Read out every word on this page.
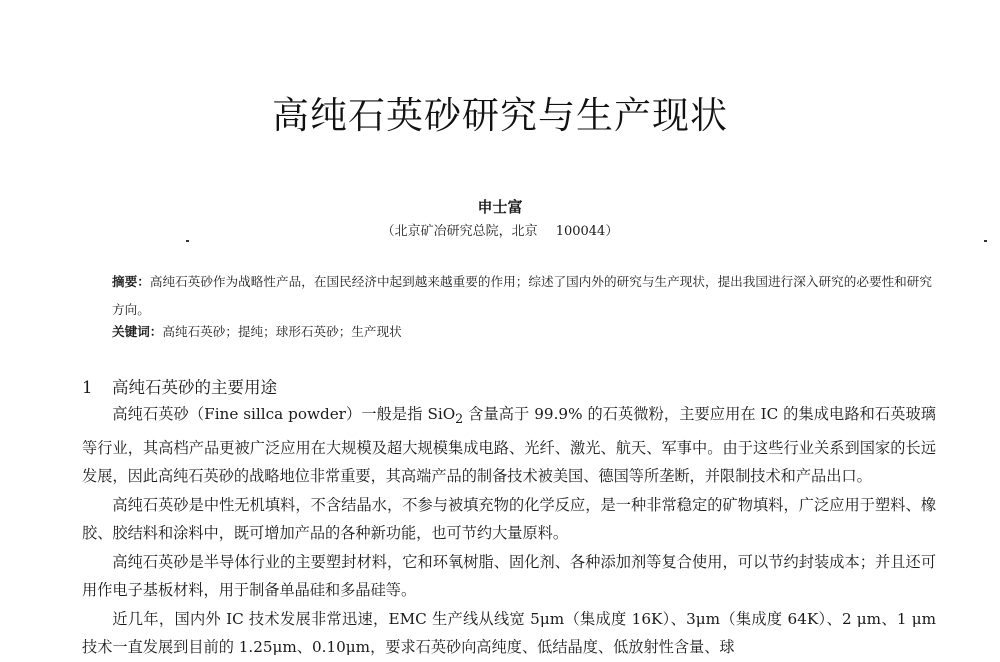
高纯石英砂研究与生产现状
申士富
（北京矿冶研究总院，北京 100044）
摘要：高纯石英砂作为战略性产品，在国民经济中起到越来越重要的作用；综述了国内外的研究与生产现状，提出我国进行深入研究的必要性和研究方向。
关键词：高纯石英砂；提纯；球形石英砂；生产现状
1 高纯石英砂的主要用途

高纯石英砂（Fine sillca powder）一般是指 SiO$_2$ 含量高于 99.9% 的石英微粉，主要应用在 IC 的集成电路和石英玻璃等行业，其高档产品更被广泛应用在大规模及超大规模集成电路、光纤、激光、航天、军事中。由于这些行业关系到国家的长远发展，因此高纯石英砂的战略地位非常重要，其高端产品的制备技术被美国、德国等所垄断，并限制技术和产品出口。

高纯石英砂是中性无机填料，不含结晶水，不参与被填充物的化学反应，是一种非常稳定的矿物填料，广泛应用于塑料、橡胶、胶结料和涂料中，既可增加产品的各种新功能，也可节约大量原料。

高纯石英砂是半导体行业的主要塑封材料，它和环氧树脂、固化剂、各种添加剂等复合使用，可以节约封装成本；并且还可用作电子基板材料，用于制备单晶硅和多晶硅等。

近几年，国内外 IC 技术发展非常迅速，EMC 生产线从线宽 5μm（集成度 16K）、3μm（集成度 64K）、2 μm、1 μm 技术一直发展到目前的 1.25μm、0.10μm，要求石英砂向高纯度、低结晶度、低放射性含量、球
